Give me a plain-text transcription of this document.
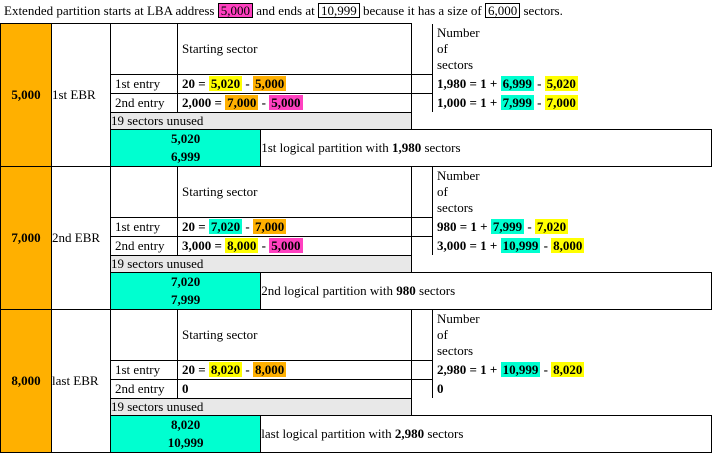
Extended partition starts at LBA address 5,000 and ends at 10,999 because it has a size of 6,000 sectors.
5,000	1st EBR	
	Starting sector	Number of sectors
1st entry	20 = 5,020 - 5,000	1,980 = 1 + 6,999 - 5,020
2nd entry	2,000 = 7,000 - 5,000	1,000 = 1 + 7,999 - 7,000

19 sectors unused

5,020
6,999
	1st logical partition with 1,980 sectors
7,000	2nd EBR	
	Starting sector	Number of sectors
1st entry	20 = 7,020 - 7,000	980 = 1 + 7,999 - 7,020
2nd entry	3,000 = 8,000 - 5,000	3,000 = 1 + 10,999 - 8,000

19 sectors unused

7,020
7,999
	2nd logical partition with 980 sectors
8,000	last EBR	
	Starting sector	Number of sectors
1st entry	20 = 8,020 - 8,000	2,980 = 1 + 10,999 - 8,020
2nd entry	0	0

19 sectors unused

8,020
10,999
	last logical partition with 2,980 sectors
